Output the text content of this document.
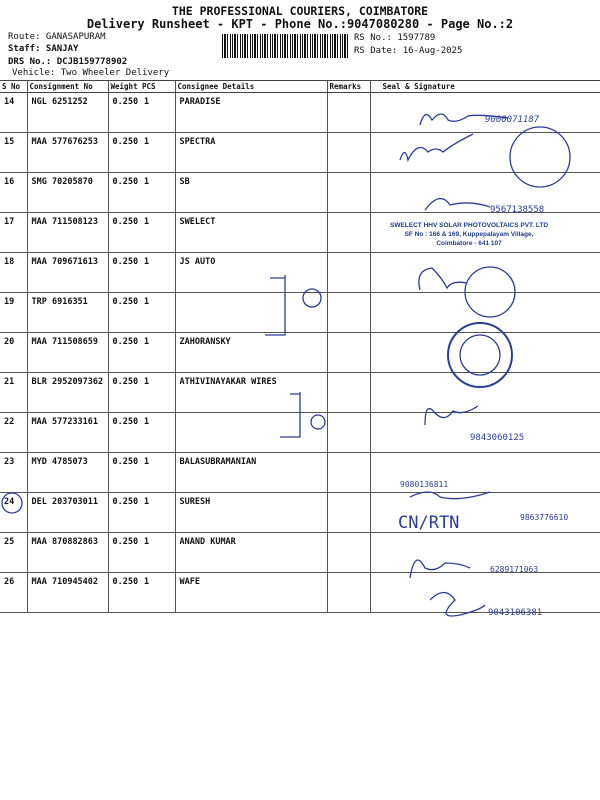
THE PROFESSIONAL COURIERS, COIMBATORE
Delivery Runsheet - KPT - Phone No.:9047080280 - Page No.:2
Route: GANASAPURAM
Staff: SANJAY
DRS No.: DCJB159778902
Vehicle: Two Wheeler Delivery
RS No.: 1597789
RS Date: 16-Aug-2025
S No	Consignment No	Weight	PCS	Consignee Details	Remarks	Seal & Signature
14	NGL 6251252	0.250	1	PARADISE		
15	MAA 577676253	0.250	1	SPECTRA		
16	SMG 70205870	0.250	1	SB		
17	MAA 711508123	0.250	1	SWELECT		
18	MAA 709671613	0.250	1	JS AUTO		
19	TRP 6916351	0.250	1			
20	MAA 711508659	0.250	1	ZAHORANSKY		
21	BLR 2952097362	0.250	1	ATHIVINAYAKAR WIRES		
22	MAA 577233161	0.250	1			
23	MYD 4785073	0.250	1	BALASUBRAMANIAN		
24	DEL 203703011	0.250	1	SURESH		
25	MAA 870882863	0.250	1	ANAND KUMAR		
26	MAA 710945402	0.250	1	WAFE		
SWELECT HHV SOLAR PHOTOVOLTAICS PVT. LTD
SF No : 166 & 169, Kuppepalayam Village,
Coimbatore - 641 107
9000071187
9567138558
9843060125
9080136811
CN/RTN	9863776610
6289171063
9043106381
